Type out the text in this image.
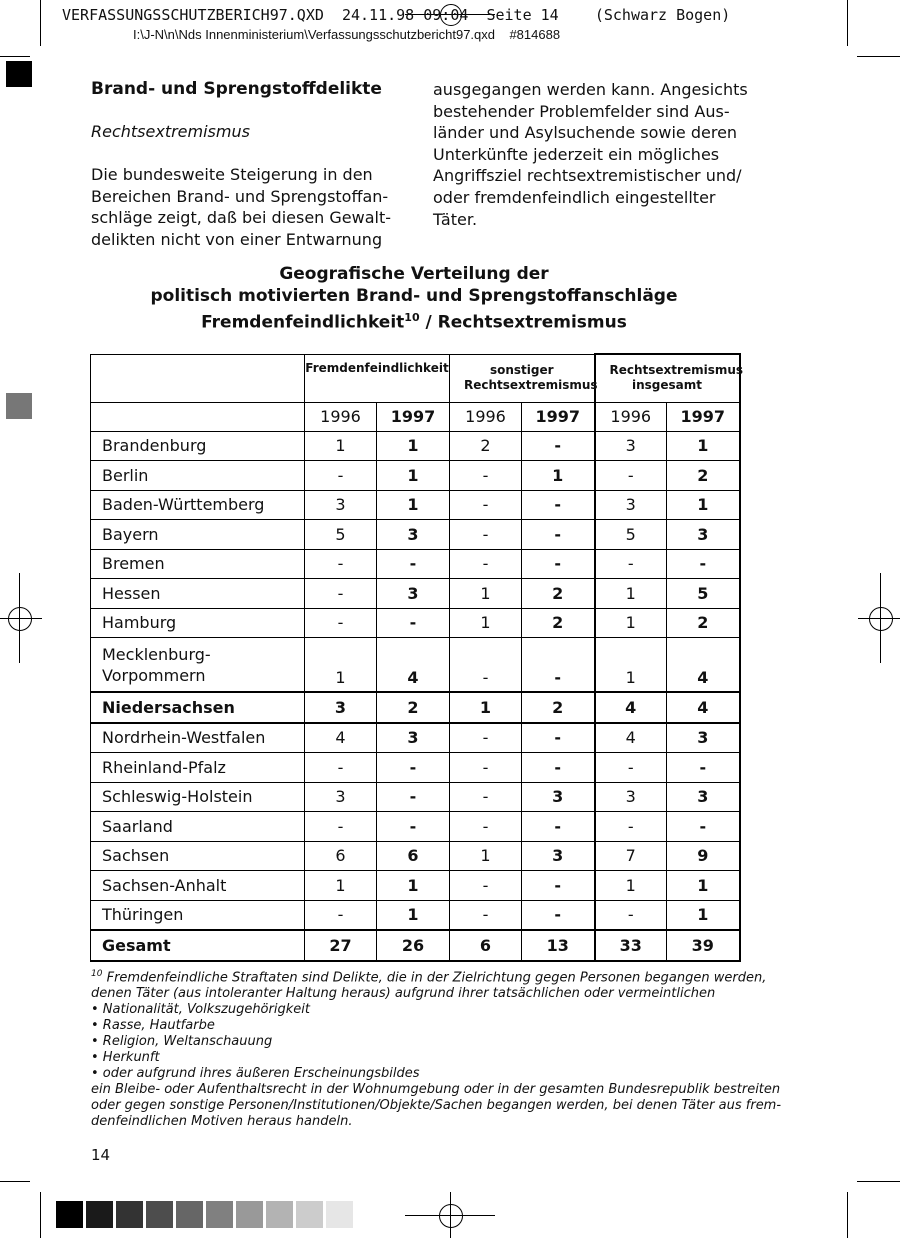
VERFASSUNGSSCHUTZBERICH97.QXD  24.11.98 09:04  Seite 14    (Schwarz Bogen)
I:\J-N\n\Nds Innenministerium\Verfassungsschutzbericht97.qxd    #814688
Brand- und Sprengstoffdelikte
Rechtsextremismus
Die bundesweite Steigerung in den
Bereichen Brand- und Sprengstoffan-
schläge zeigt, daß bei diesen Gewalt-
delikten nicht von einer Entwarnung
ausgegangen werden kann. Angesichts
bestehender Problemfelder sind Aus-
länder und Asylsuchende sowie deren
Unterkünfte jederzeit ein mögliches
Angriffsziel rechtsextremistischer und/
oder fremdenfeindlich eingestellter
Täter.
Geografische Verteilung der
politisch motivierten Brand- und Sprengstoffanschläge
Fremdenfeindlichkeit$^{10}$ / Rechtsextremismus
	Fremdenfeindlichkeit		sonstiger Rechtsextremismus		Rechtsextremismus insgesamt	
	1996	1997	1996	1997	1996	1997
Brandenburg	1	1	2	-	3	1
Berlin	-	1	-	1	-	2
Baden-Württemberg	3	1	-	-	3	1
Bayern	5	3	-	-	5	3
Bremen	-	-	-	-	-	-
Hessen	-	3	1	2	1	5
Hamburg	-	-	1	2	1	2

Mecklenburg-
Vorpommern	1	4	-	-	1	4
Niedersachsen	3	2	1	2	4	4
Nordrhein-Westfalen	4	3	-	-	4	3
Rheinland-Pfalz	-	-	-	-	-	-
Schleswig-Holstein	3	-	-	3	3	3
Saarland	-	-	-	-	-	-
Sachsen	6	6	1	3	7	9
Sachsen-Anhalt	1	1	-	-	1	1
Thüringen	-	1	-	-	-	1
Gesamt	27	26	6	13	33	39
$^{10}$ Fremdenfeindliche Straftaten sind Delikte, die in der Zielrichtung gegen Personen begangen werden,
denen Täter (aus intoleranter Haltung heraus) aufgrund ihrer tatsächlichen oder vermeintlichen
• Nationalität, Volkszugehörigkeit
• Rasse, Hautfarbe
• Religion, Weltanschauung
• Herkunft
• oder aufgrund ihres äußeren Erscheinungsbildes
ein Bleibe- oder Aufenthaltsrecht in der Wohnumgebung oder in der gesamten Bundesrepublik bestreiten
oder gegen sonstige Personen/Institutionen/Objekte/Sachen begangen werden, bei denen Täter aus frem-
denfeindlichen Motiven heraus handeln.
14
